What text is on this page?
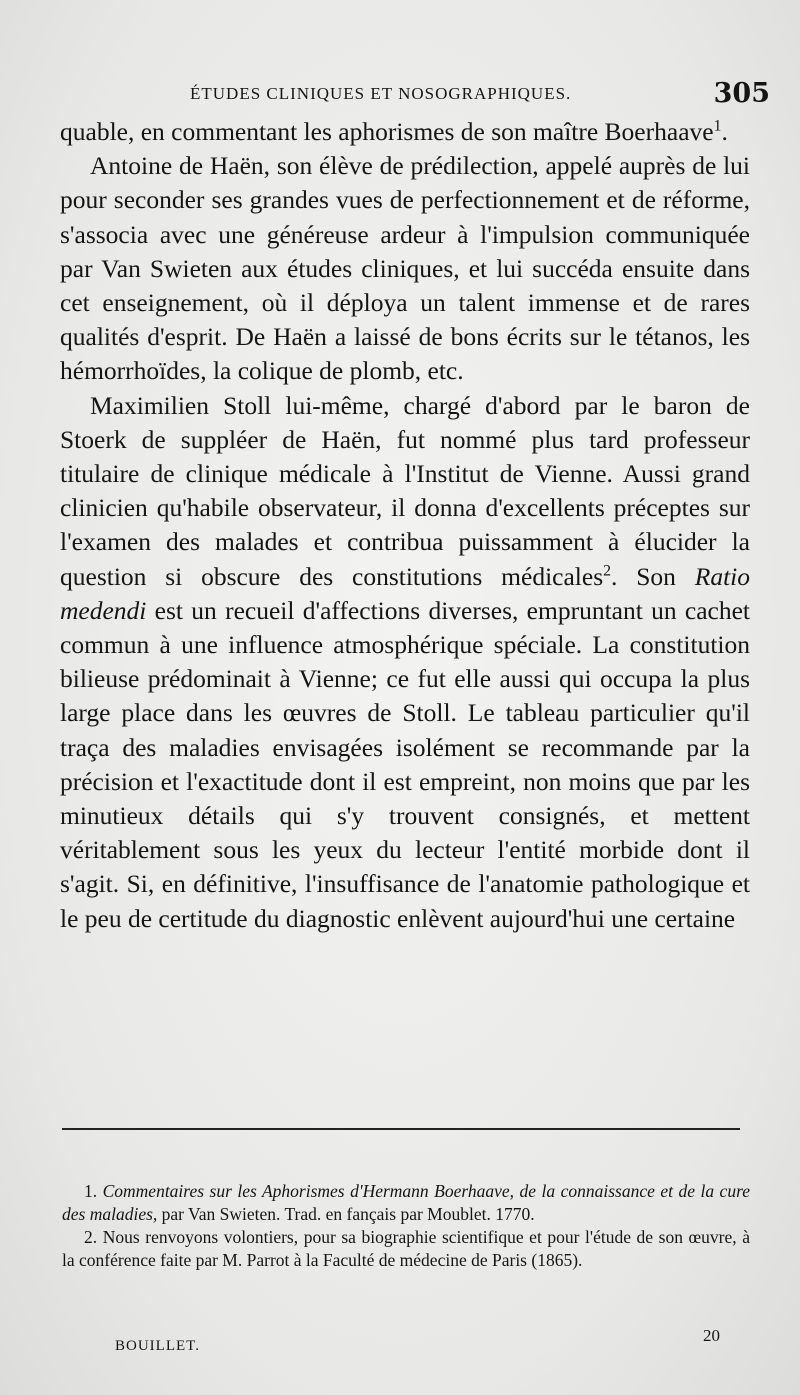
ÉTUDES CLINIQUES ET NOSOGRAPHIQUES.	305

quable, en commentant les aphorismes de son maître Boerhaave$^1$.

Antoine de Haën, son élève de prédilection, appelé auprès de lui pour seconder ses grandes vues de perfectionnement et de réforme, s'associa avec une généreuse ardeur à l'impulsion communiquée par Van Swieten aux études cliniques, et lui succéda ensuite dans cet enseignement, où il déploya un talent immense et de rares qualités d'esprit. De Haën a laissé de bons écrits sur le tétanos, les hémorrhoïdes, la colique de plomb, etc.

Maximilien Stoll lui-même, chargé d'abord par le baron de Stoerk de suppléer de Haën, fut nommé plus tard professeur titulaire de clinique médicale à l'Institut de Vienne. Aussi grand clinicien qu'habile observateur, il donna d'excellents préceptes sur l'examen des malades et contribua puissamment à élucider la question si obscure des constitutions médicales$^2$. Son Ratio medendi est un recueil d'affections diverses, empruntant un cachet commun à une influence atmosphérique spéciale. La constitution bilieuse prédominait à Vienne; ce fut elle aussi qui occupa la plus large place dans les œuvres de Stoll. Le tableau particulier qu'il traça des maladies envisagées isolément se recommande par la précision et l'exactitude dont il est empreint, non moins que par les minutieux détails qui s'y trouvent consignés, et mettent véritablement sous les yeux du lecteur l'entité morbide dont il s'agit. Si, en définitive, l'insuffisance de l'anatomie pathologique et le peu de certitude du diagnostic enlèvent aujourd'hui une certaine

1. Commentaires sur les Aphorismes d'Hermann Boerhaave, de la connaissance et de la cure des maladies, par Van Swieten. Trad. en fançais par Moublet. 1770.

2. Nous renvoyons volontiers, pour sa biographie scientifique et pour l'étude de son œuvre, à la conférence faite par M. Parrot à la Faculté de médecine de Paris (1865).

BOUILLET.
20
